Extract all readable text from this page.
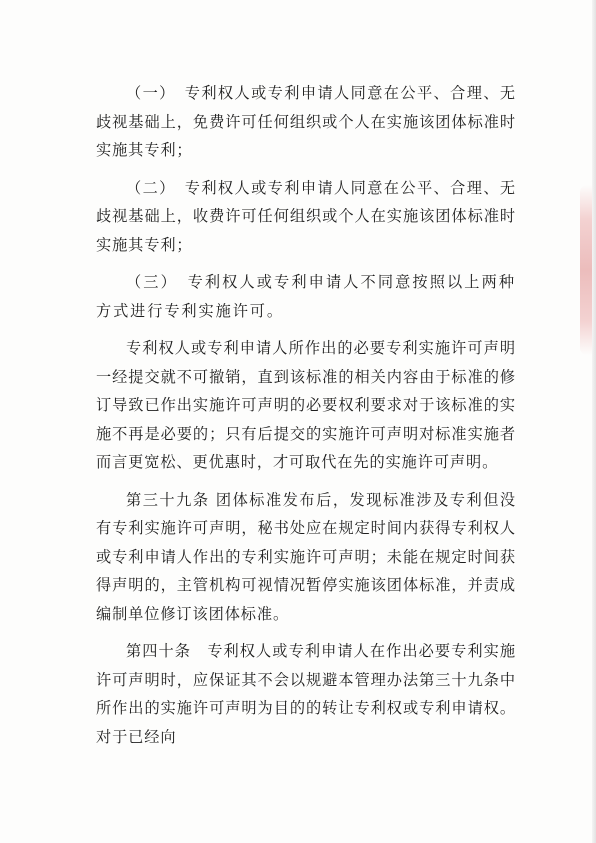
（一）　专利权人或专利申请人同意在公平、合理、无歧视基础上，免费许可任何组织或个人在实施该团体标准时实施其专利；

（二）　专利权人或专利申请人同意在公平、合理、无歧视基础上，收费许可任何组织或个人在实施该团体标准时实施其专利；

（三）　专利权人或专利申请人不同意按照以上两种方式进行专利实施许可。

专利权人或专利申请人所作出的必要专利实施许可声明一经提交就不可撤销，直到该标准的相关内容由于标准的修订导致已作出实施许可声明的必要权利要求对于该标准的实施不再是必要的；只有后提交的实施许可声明对标准实施者而言更宽松、更优惠时，才可取代在先的实施许可声明。

第三十九条 团体标准发布后，发现标准涉及专利但没有专利实施许可声明，秘书处应在规定时间内获得专利权人或专利申请人作出的专利实施许可声明；未能在规定时间获得声明的，主管机构可视情况暂停实施该团体标准，并责成编制单位修订该团体标准。

第四十条　专利权人或专利申请人在作出必要专利实施许可声明时，应保证其不会以规避本管理办法第三十九条中所作出的实施许可声明为目的的转让专利权或专利申请权。对于已经向
